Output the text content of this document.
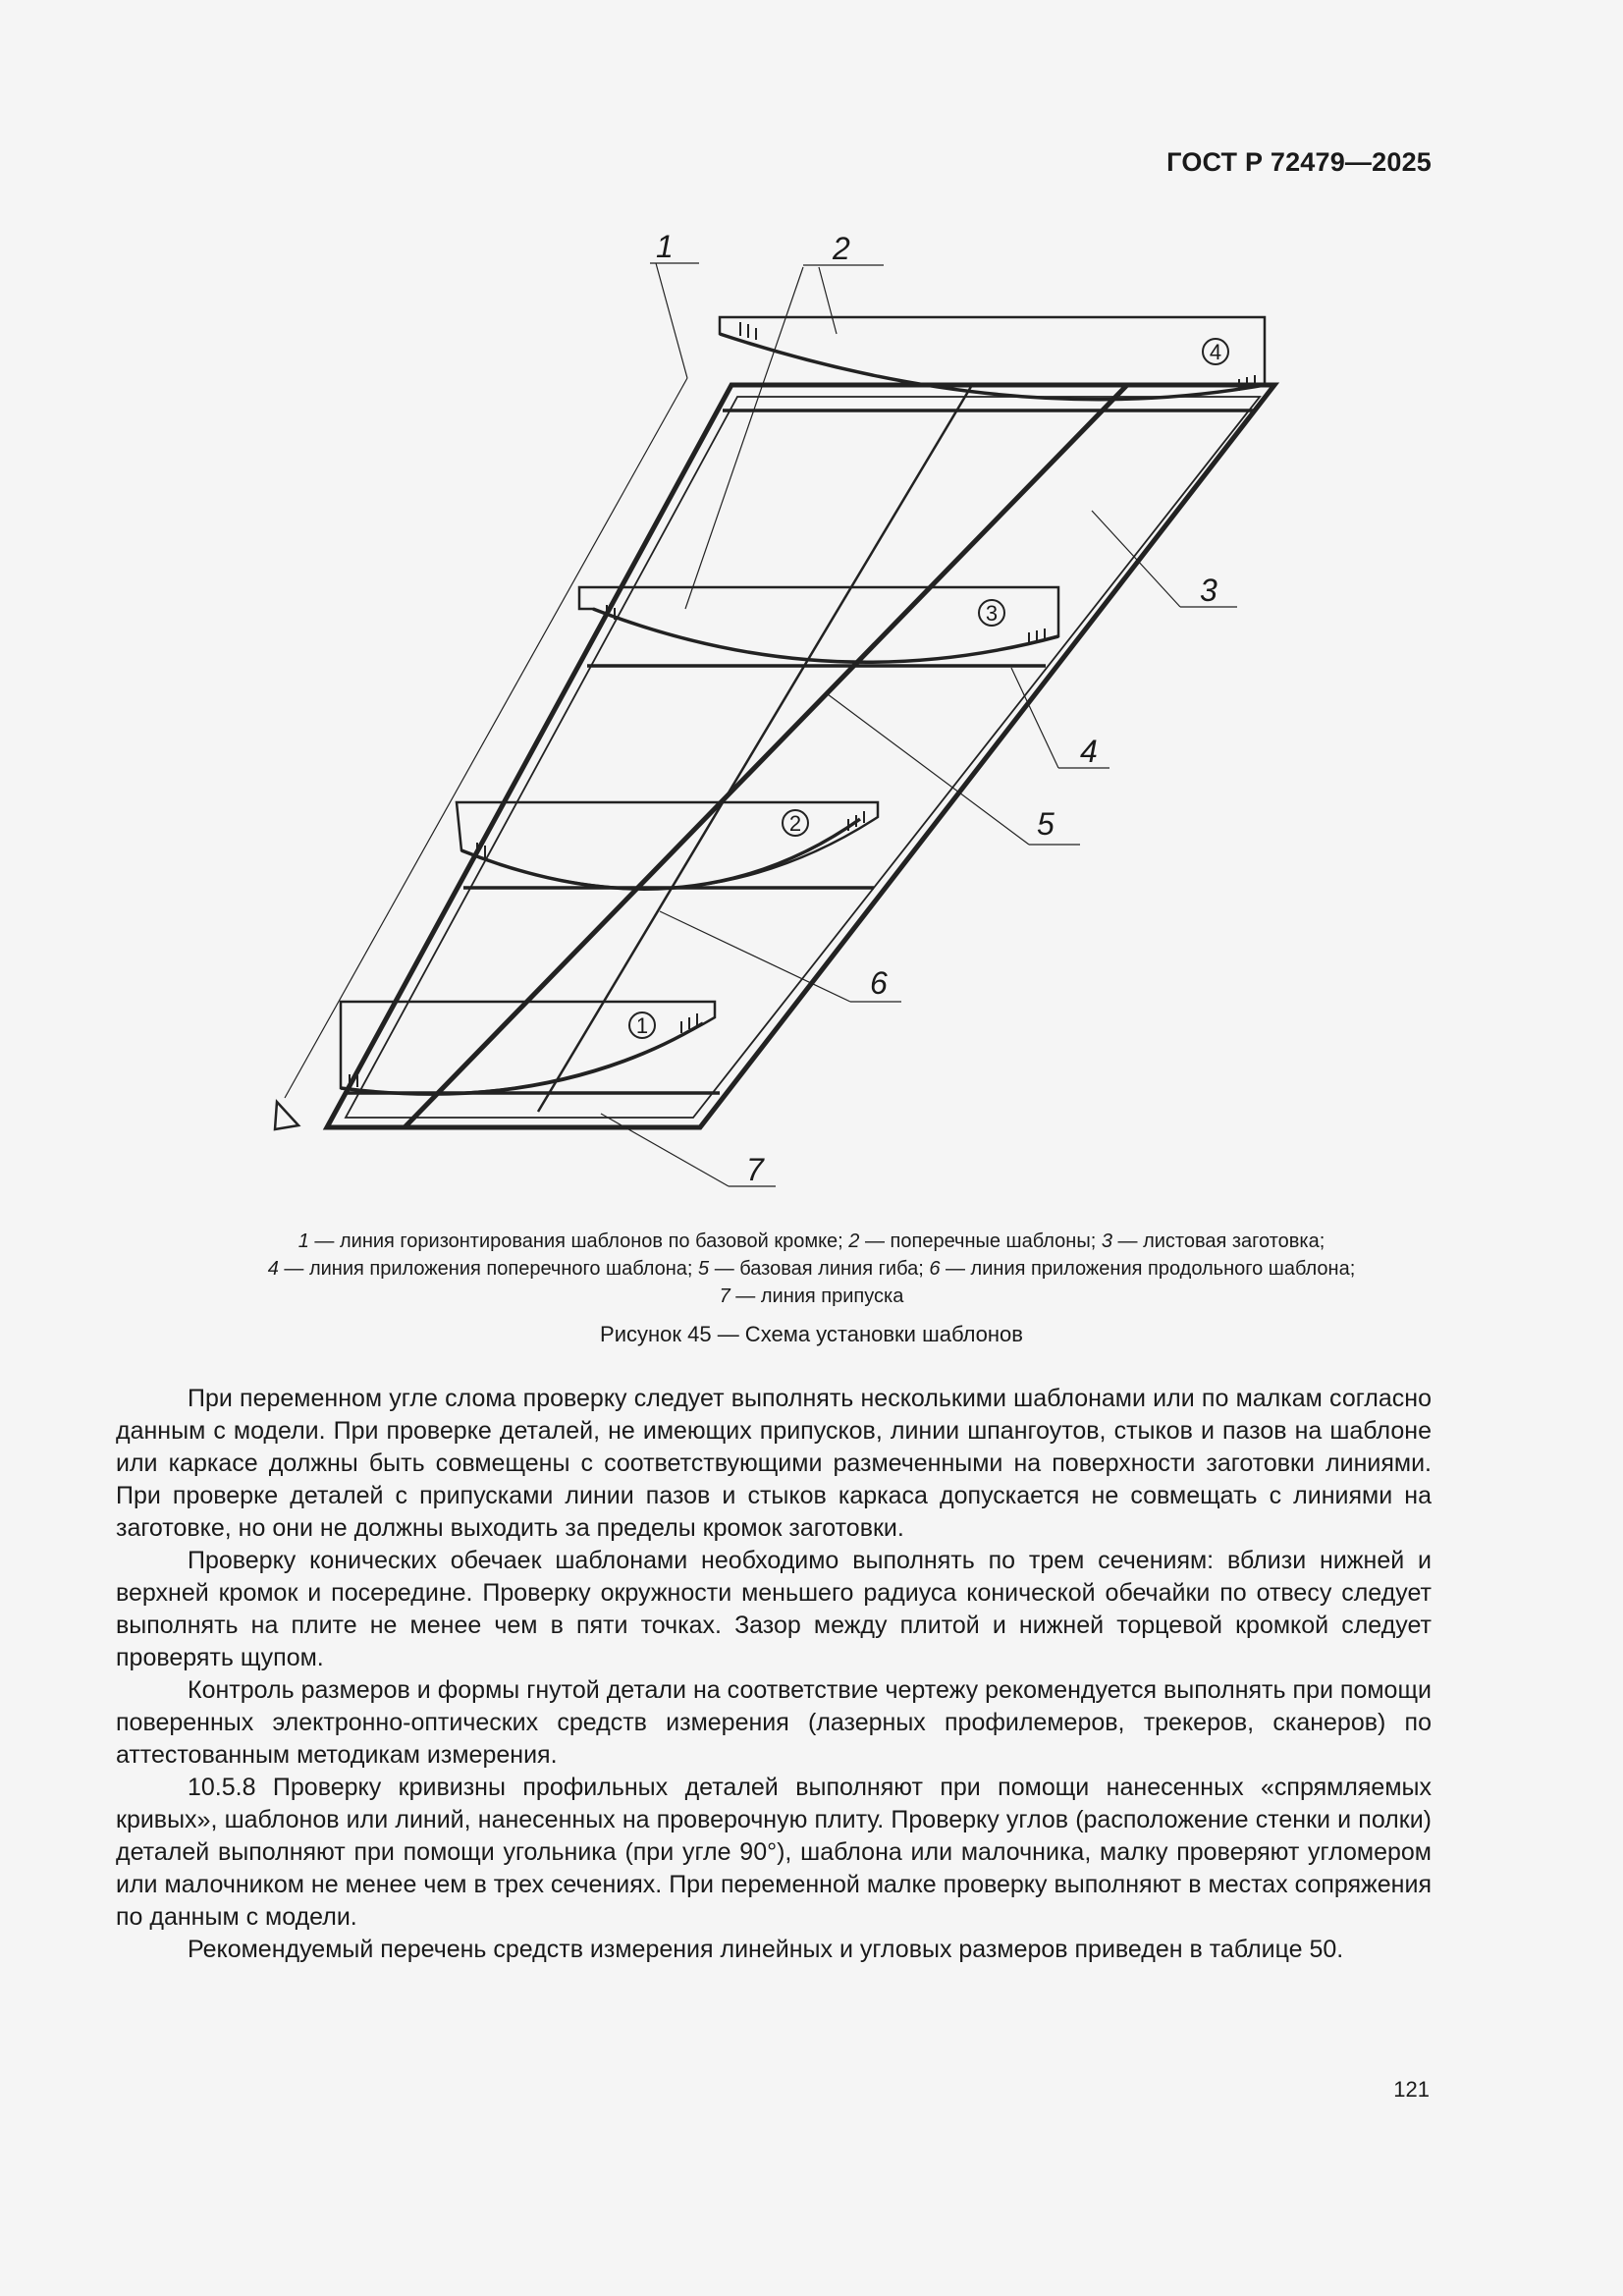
ГОСТ Р 72479—2025
4
3
2
1
1	2
3
4
5
6
7
1 — линия горизонтирования шаблонов по базовой кромке; 2 — поперечные шаблоны; 3 — листовая заготовка;
4 — линия приложения поперечного шаблона; 5 — базовая линия гиба; 6 — линия приложения продольного шаблона;
7 — линия припуска
Рисунок 45 — Схема установки шаблонов

При переменном угле слома проверку следует выполнять несколькими шаблонами или по малкам согласно данным с модели. При проверке деталей, не имеющих припусков, линии шпангоутов, стыков и пазов на шаблоне или каркасе должны быть совмещены с соответствующими размеченными на поверхности заготовки линиями. При проверке деталей с припусками линии пазов и стыков каркаса допускается не совмещать с линиями на заготовке, но они не должны выходить за пределы кромок заготовки.

Проверку конических обечаек шаблонами необходимо выполнять по трем сечениям: вблизи нижней и верхней кромок и посередине. Проверку окружности меньшего радиуса конической обечайки по отвесу следует выполнять на плите не менее чем в пяти точках. Зазор между плитой и нижней торцевой кромкой следует проверять щупом.

Контроль размеров и формы гнутой детали на соответствие чертежу рекомендуется выполнять при помощи поверенных электронно-оптических средств измерения (лазерных профилемеров, трекеров, сканеров) по аттестованным методикам измерения.

10.5.8 Проверку кривизны профильных деталей выполняют при помощи нанесенных «спрямляемых кривых», шаблонов или линий, нанесенных на проверочную плиту. Проверку углов (расположение стенки и полки) деталей выполняют при помощи угольника (при угле 90°), шаблона или малочника, малку проверяют угломером или малочником не менее чем в трех сечениях. При переменной малке проверку выполняют в местах сопряжения по данным с модели.

Рекомендуемый перечень средств измерения линейных и угловых размеров приведен в таблице 50.

121
